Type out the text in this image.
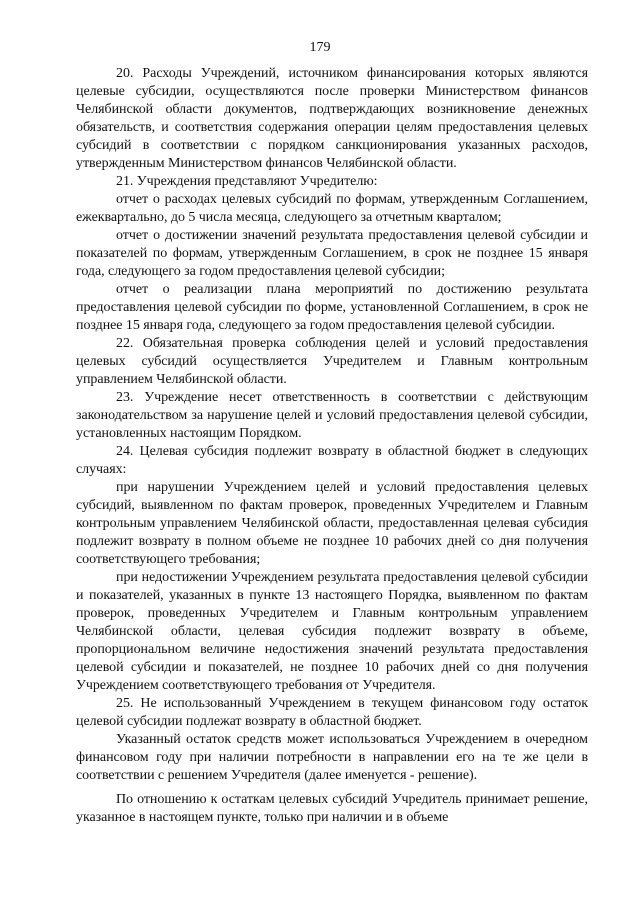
179

20. Расходы Учреждений, источником финансирования которых являются целевые субсидии, осуществляются после проверки Министерством финансов Челябинской области документов, подтверждающих возникновение денежных обязательств, и соответствия содержания операции целям предоставления целевых субсидий в соответствии с порядком санкционирования указанных расходов, утвержденным Министерством финансов Челябинской области.

21. Учреждения представляют Учредителю:

отчет о расходах целевых субсидий по формам, утвержденным Соглашением, ежеквартально, до 5 числа месяца, следующего за отчетным кварталом;

отчет о достижении значений результата предоставления целевой субсидии и показателей по формам, утвержденным Соглашением, в срок не позднее 15 января года, следующего за годом предоставления целевой субсидии;

отчет о реализации плана мероприятий по достижению результата предоставления целевой субсидии по форме, установленной Соглашением, в срок не позднее 15 января года, следующего за годом предоставления целевой субсидии.

22. Обязательная проверка соблюдения целей и условий предоставления целевых субсидий осуществляется Учредителем и Главным контрольным управлением Челябинской области.

23. Учреждение несет ответственность в соответствии с действующим законодательством за нарушение целей и условий предоставления целевой субсидии, установленных настоящим Порядком.

24. Целевая субсидия подлежит возврату в областной бюджет в следующих случаях:

при нарушении Учреждением целей и условий предоставления целевых субсидий, выявленном по фактам проверок, проведенных Учредителем и Главным контрольным управлением Челябинской области, предоставленная целевая субсидия подлежит возврату в полном объеме не позднее 10 рабочих дней со дня получения соответствующего требования;

при недостижении Учреждением результата предоставления целевой субсидии и показателей, указанных в пункте 13 настоящего Порядка, выявленном по фактам проверок, проведенных Учредителем и Главным контрольным управлением Челябинской области, целевая субсидия подлежит возврату в объеме, пропорциональном величине недостижения значений результата предоставления целевой субсидии и показателей, не позднее 10 рабочих дней со дня получения Учреждением соответствующего требования от Учредителя.

25. Не использованный Учреждением в текущем финансовом году остаток целевой субсидии подлежат возврату в областной бюджет.

Указанный остаток средств может использоваться Учреждением в очередном финансовом году при наличии потребности в направлении его на те же цели в соответствии с решением Учредителя (далее именуется - решение).

По отношению к остаткам целевых субсидий Учредитель принимает решение, указанное в настоящем пункте, только при наличии и в объеме
